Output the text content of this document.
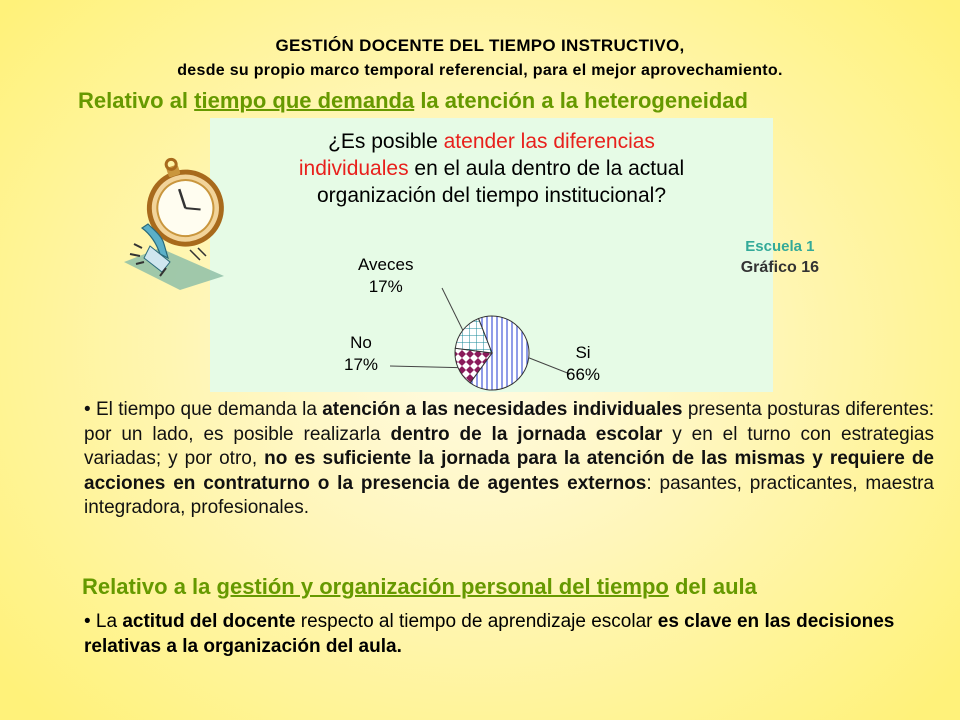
GESTIÓN DOCENTE DEL TIEMPO INSTRUCTIVO,
desde su propio marco temporal referencial, para el mejor aprovechamiento.
Relativo al tiempo que demanda la atención a la heterogeneidad
¿Es posible atender las diferencias
individuales en el aula dentro de la actual
organización del tiempo institucional?
Aveces
17%
No
17%
Si
66%
Escuela 1
Gráfico 16
• El tiempo que demanda la atención a las necesidades individuales presenta posturas diferentes: por un lado, es posible realizarla dentro de la jornada escolar y en el turno con estrategias variadas; y por otro, no es suficiente la jornada para la atención de las mismas y requiere de acciones en contraturno o la presencia de agentes externos: pasantes, practicantes, maestra integradora, profesionales.
Relativo a la gestión y organización personal del tiempo del aula
• La actitud del docente respecto al tiempo de aprendizaje escolar es clave en las decisiones relativas a la organización del aula.
